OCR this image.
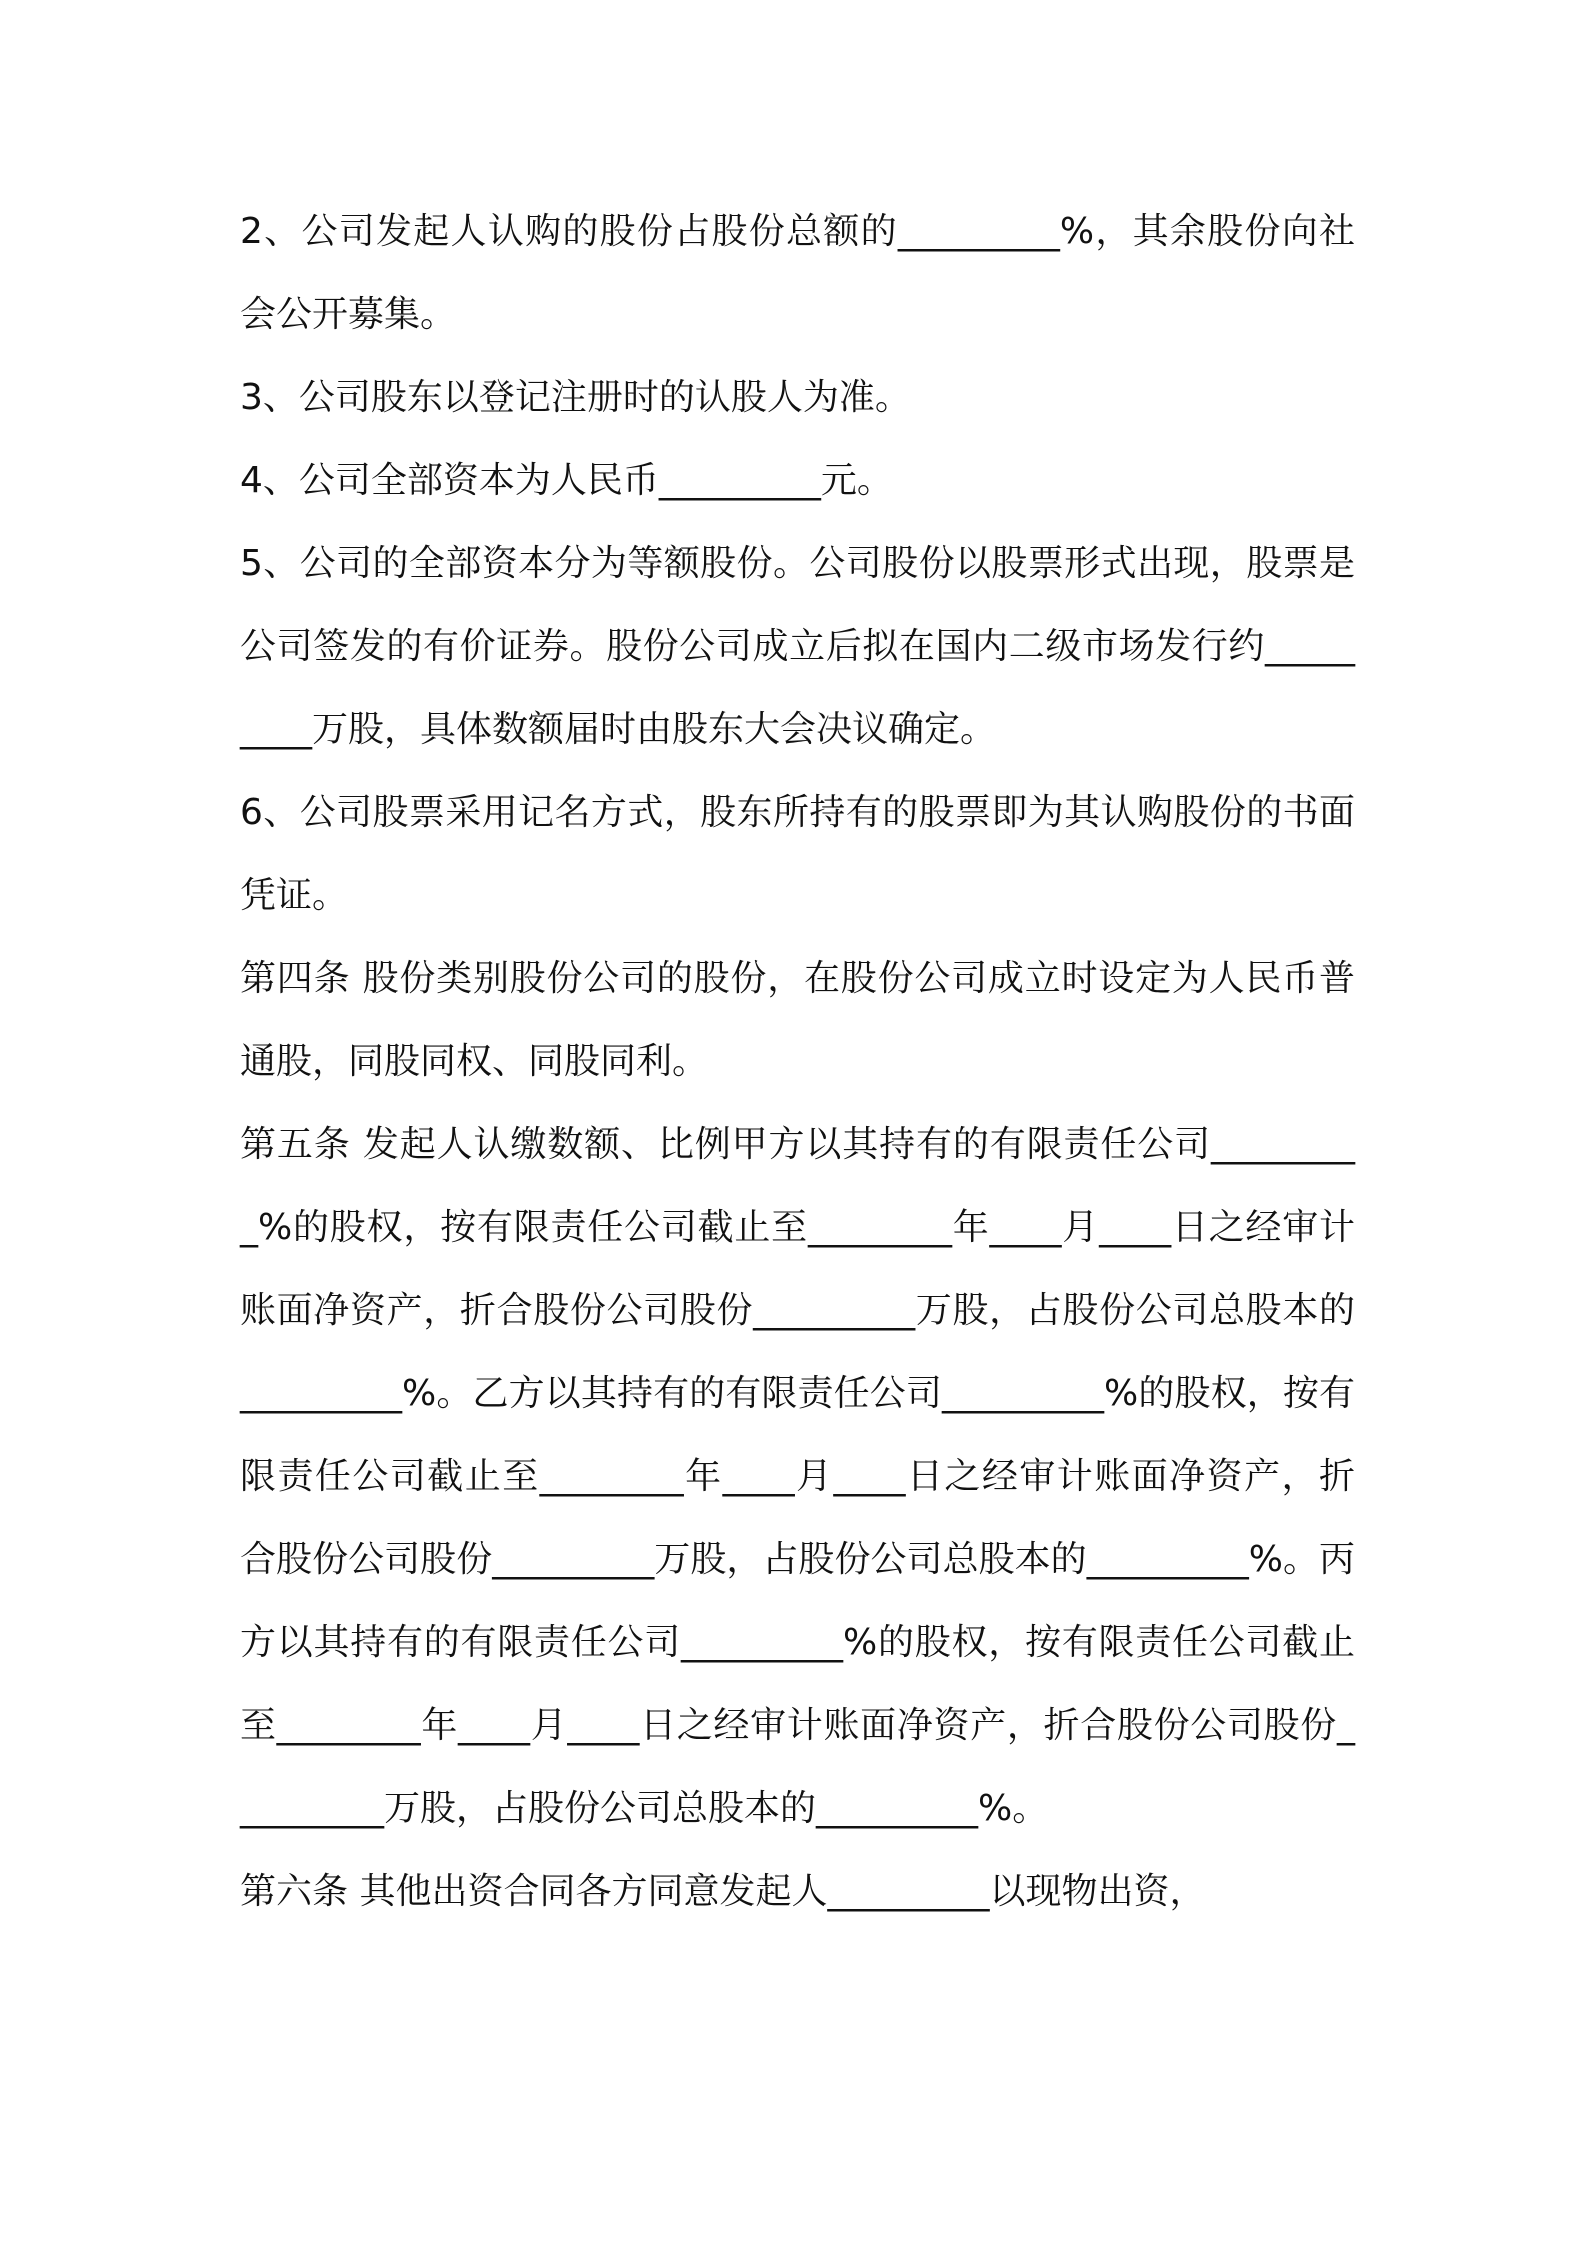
2、公司发起人认购的股份占股份总额的_________%，其余股份向社会公开募集。

3、公司股东以登记注册时的认股人为准。

4、公司全部资本为人民币_________元。

5、公司的全部资本分为等额股份。公司股份以股票形式出现，股票是公司签发的有价证券。股份公司成立后拟在国内二级市场发行约_________万股，具体数额届时由股东大会决议确定。

6、公司股票采用记名方式，股东所持有的股票即为其认购股份的书面凭证。

第四条 股份类别股份公司的股份，在股份公司成立时设定为人民币普通股，同股同权、同股同利。

第五条 发起人认缴数额、比例甲方以其持有的有限责任公司_________%的股权，按有限责任公司截止至________年____月____日之经审计账面净资产，折合股份公司股份_________万股，占股份公司总股本的_________%。乙方以其持有的有限责任公司_________%的股权，按有限责任公司截止至________年____月____日之经审计账面净资产，折合股份公司股份_________万股，占股份公司总股本的_________%。丙方以其持有的有限责任公司_________%的股权，按有限责任公司截止至________年____月____日之经审计账面净资产，折合股份公司股份_________万股，占股份公司总股本的_________%。

第六条 其他出资合同各方同意发起人_________以现物出资，
